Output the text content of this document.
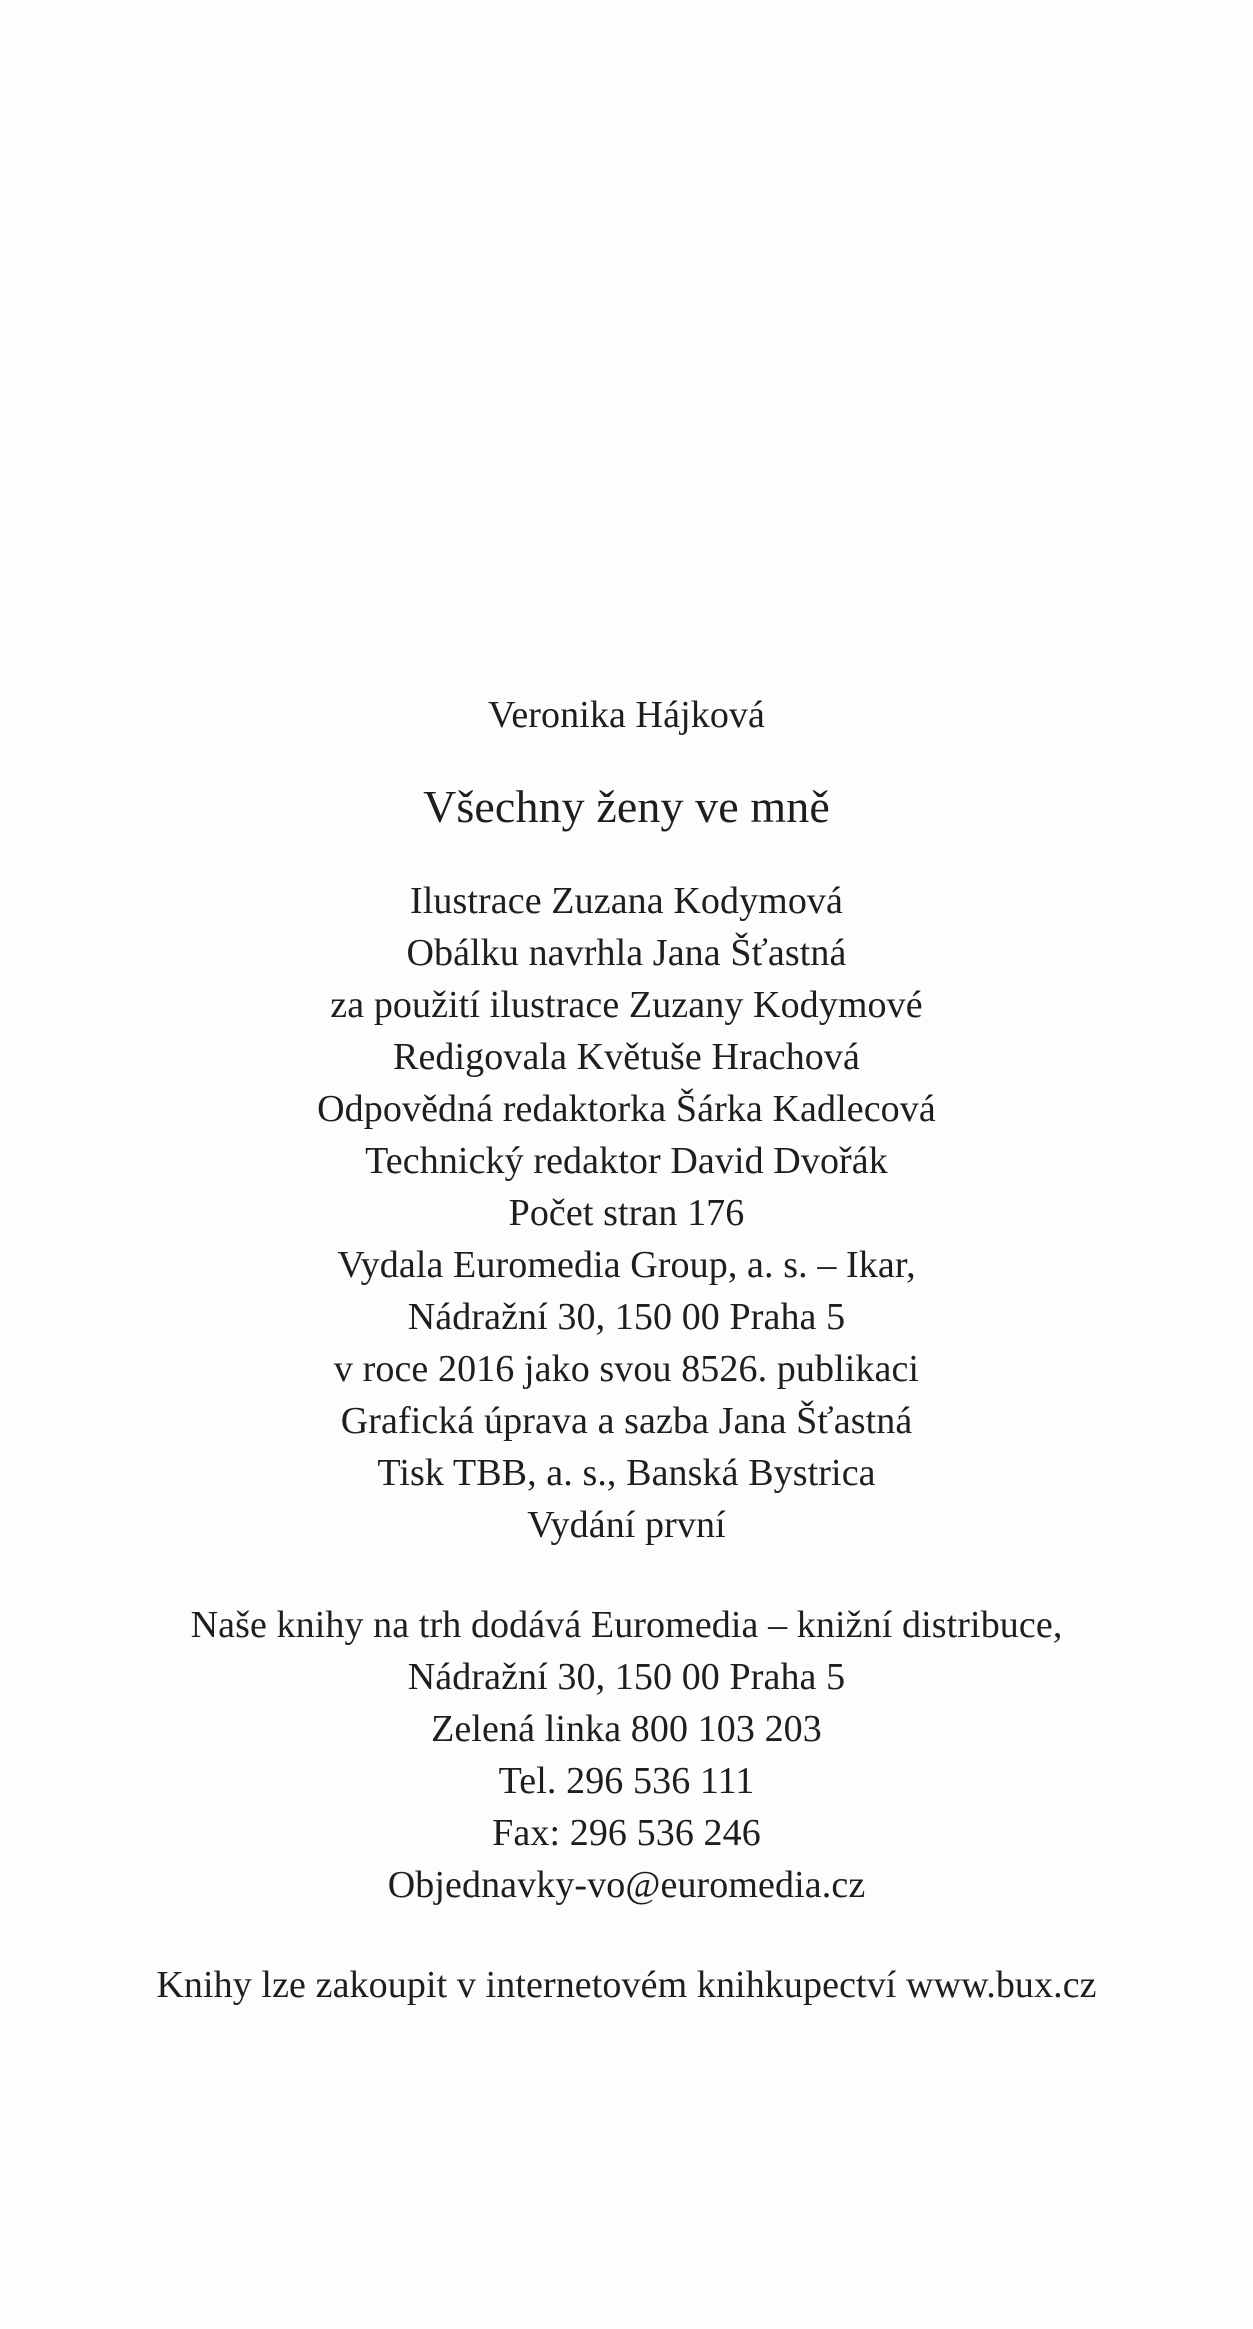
Veronika Hájková
Všechny ženy ve mně
Ilustrace Zuzana Kodymová
Obálku navrhla Jana Šťastná
za použití ilustrace Zuzany Kodymové
Redigovala Květuše Hrachová
Odpovědná redaktorka Šárka Kadlecová
Technický redaktor David Dvořák
Počet stran 176
Vydala Euromedia Group, a. s. – Ikar,
Nádražní 30, 150 00 Praha 5
v roce 2016 jako svou 8526. publikaci
Grafická úprava a sazba Jana Šťastná
Tisk TBB, a. s., Banská Bystrica
Vydání první
Naše knihy na trh dodává Euromedia – knižní distribuce,
Nádražní 30, 150 00 Praha 5
Zelená linka 800 103 203
Tel. 296 536 111
Fax: 296 536 246
Objednavky-vo@euromedia.cz
Knihy lze zakoupit v internetovém knihkupectví www.bux.cz
